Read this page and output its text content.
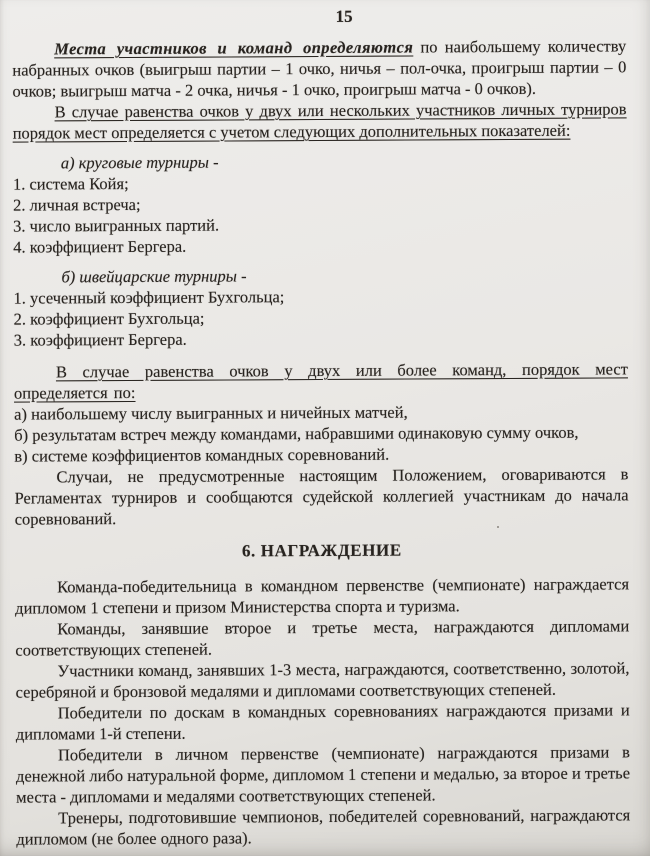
15

Места участников и команд определяются по наибольшему количеству набранных очков (выигрыш партии – 1 очко, ничья – пол-очка, проигрыш партии – 0 очков; выигрыш матча - 2 очка, ничья - 1 очко, проигрыш матча - 0 очков).

В случае равенства очков у двух или нескольких участников личных турниров порядок мест определяется с учетом следующих дополнительных показателей:

а) круговые турниры -

1. система Койя;

2. личная встреча;

3. число выигранных партий.

4. коэффициент Бергера.

б) швейцарские турниры -

1. усеченный коэффициент Бухгольца;

2. коэффициент Бухгольца;

3. коэффициент Бергера.

В случае равенства очков у двух или более команд, порядок мест определяется по:

а) наибольшему числу выигранных и ничейных матчей,

б) результатам встреч между командами, набравшими одинаковую сумму очков,

в) системе коэффициентов командных соревнований.

Случаи, не предусмотренные настоящим Положением, оговариваются в Регламентах турниров и сообщаются судейской коллегией участникам до начала соревнований.

6. НАГРАЖДЕНИЕ

Команда-победительница в командном первенстве (чемпионате) награждается дипломом 1 степени и призом Министерства спорта и туризма.

Команды, занявшие второе и третье места, награждаются дипломами соответствующих степеней.

Участники команд, занявших 1-3 места, награждаются, соответственно, золотой, серебряной и бронзовой медалями и дипломами соответствующих степеней.

Победители по доскам в командных соревнованиях награждаются призами и дипломами 1-й степени.

Победители в личном первенстве (чемпионате) награждаются призами в денежной либо натуральной форме, дипломом 1 степени и медалью, за второе и третье места - дипломами и медалями соответствующих степеней.

Тренеры, подготовившие чемпионов, победителей соревнований, награждаются дипломом (не более одного раза).
